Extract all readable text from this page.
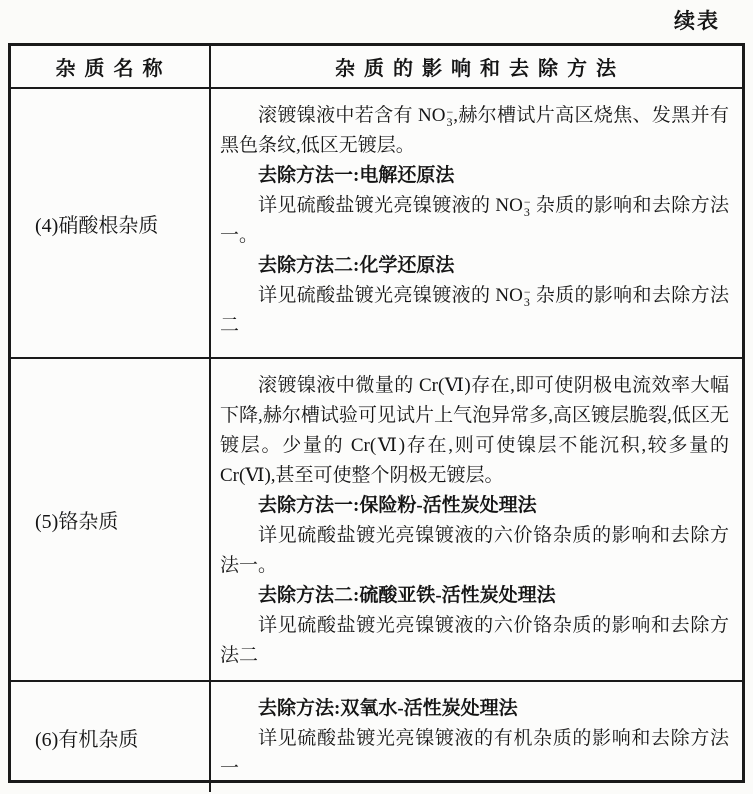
续表
杂 质 名 称	杂 质 的 影 响 和 去 除 方 法
(4)硝酸根杂质

滚镀镍液中若含有 NO −
3 ,赫尔槽试片高区烧焦、发黑并有黑色条纹,低区无镀层。

去除方法一:电解还原法

详见硫酸盐镀光亮镍镀液的 NO −
3 杂质的影响和去除方法一。

去除方法二:化学还原法

详见硫酸盐镀光亮镍镀液的 NO −
3 杂质的影响和去除方法二

(5)铬杂质

滚镀镍液中微量的 Cr(Ⅵ)存在,即可使阴极电流效率大幅下降,赫尔槽试验可见试片上气泡异常多,高区镀层脆裂,低区无镀层。少量的 Cr(Ⅵ)存在,则可使镍层不能沉积,较多量的 Cr(Ⅵ),甚至可使整个阴极无镀层。

去除方法一:保险粉-活性炭处理法

详见硫酸盐镀光亮镍镀液的六价铬杂质的影响和去除方法一。

去除方法二:硫酸亚铁-活性炭处理法

详见硫酸盐镀光亮镍镀液的六价铬杂质的影响和去除方法二

(6)有机杂质

去除方法:双氧水-活性炭处理法

详见硫酸盐镀光亮镍镀液的有机杂质的影响和去除方法一
